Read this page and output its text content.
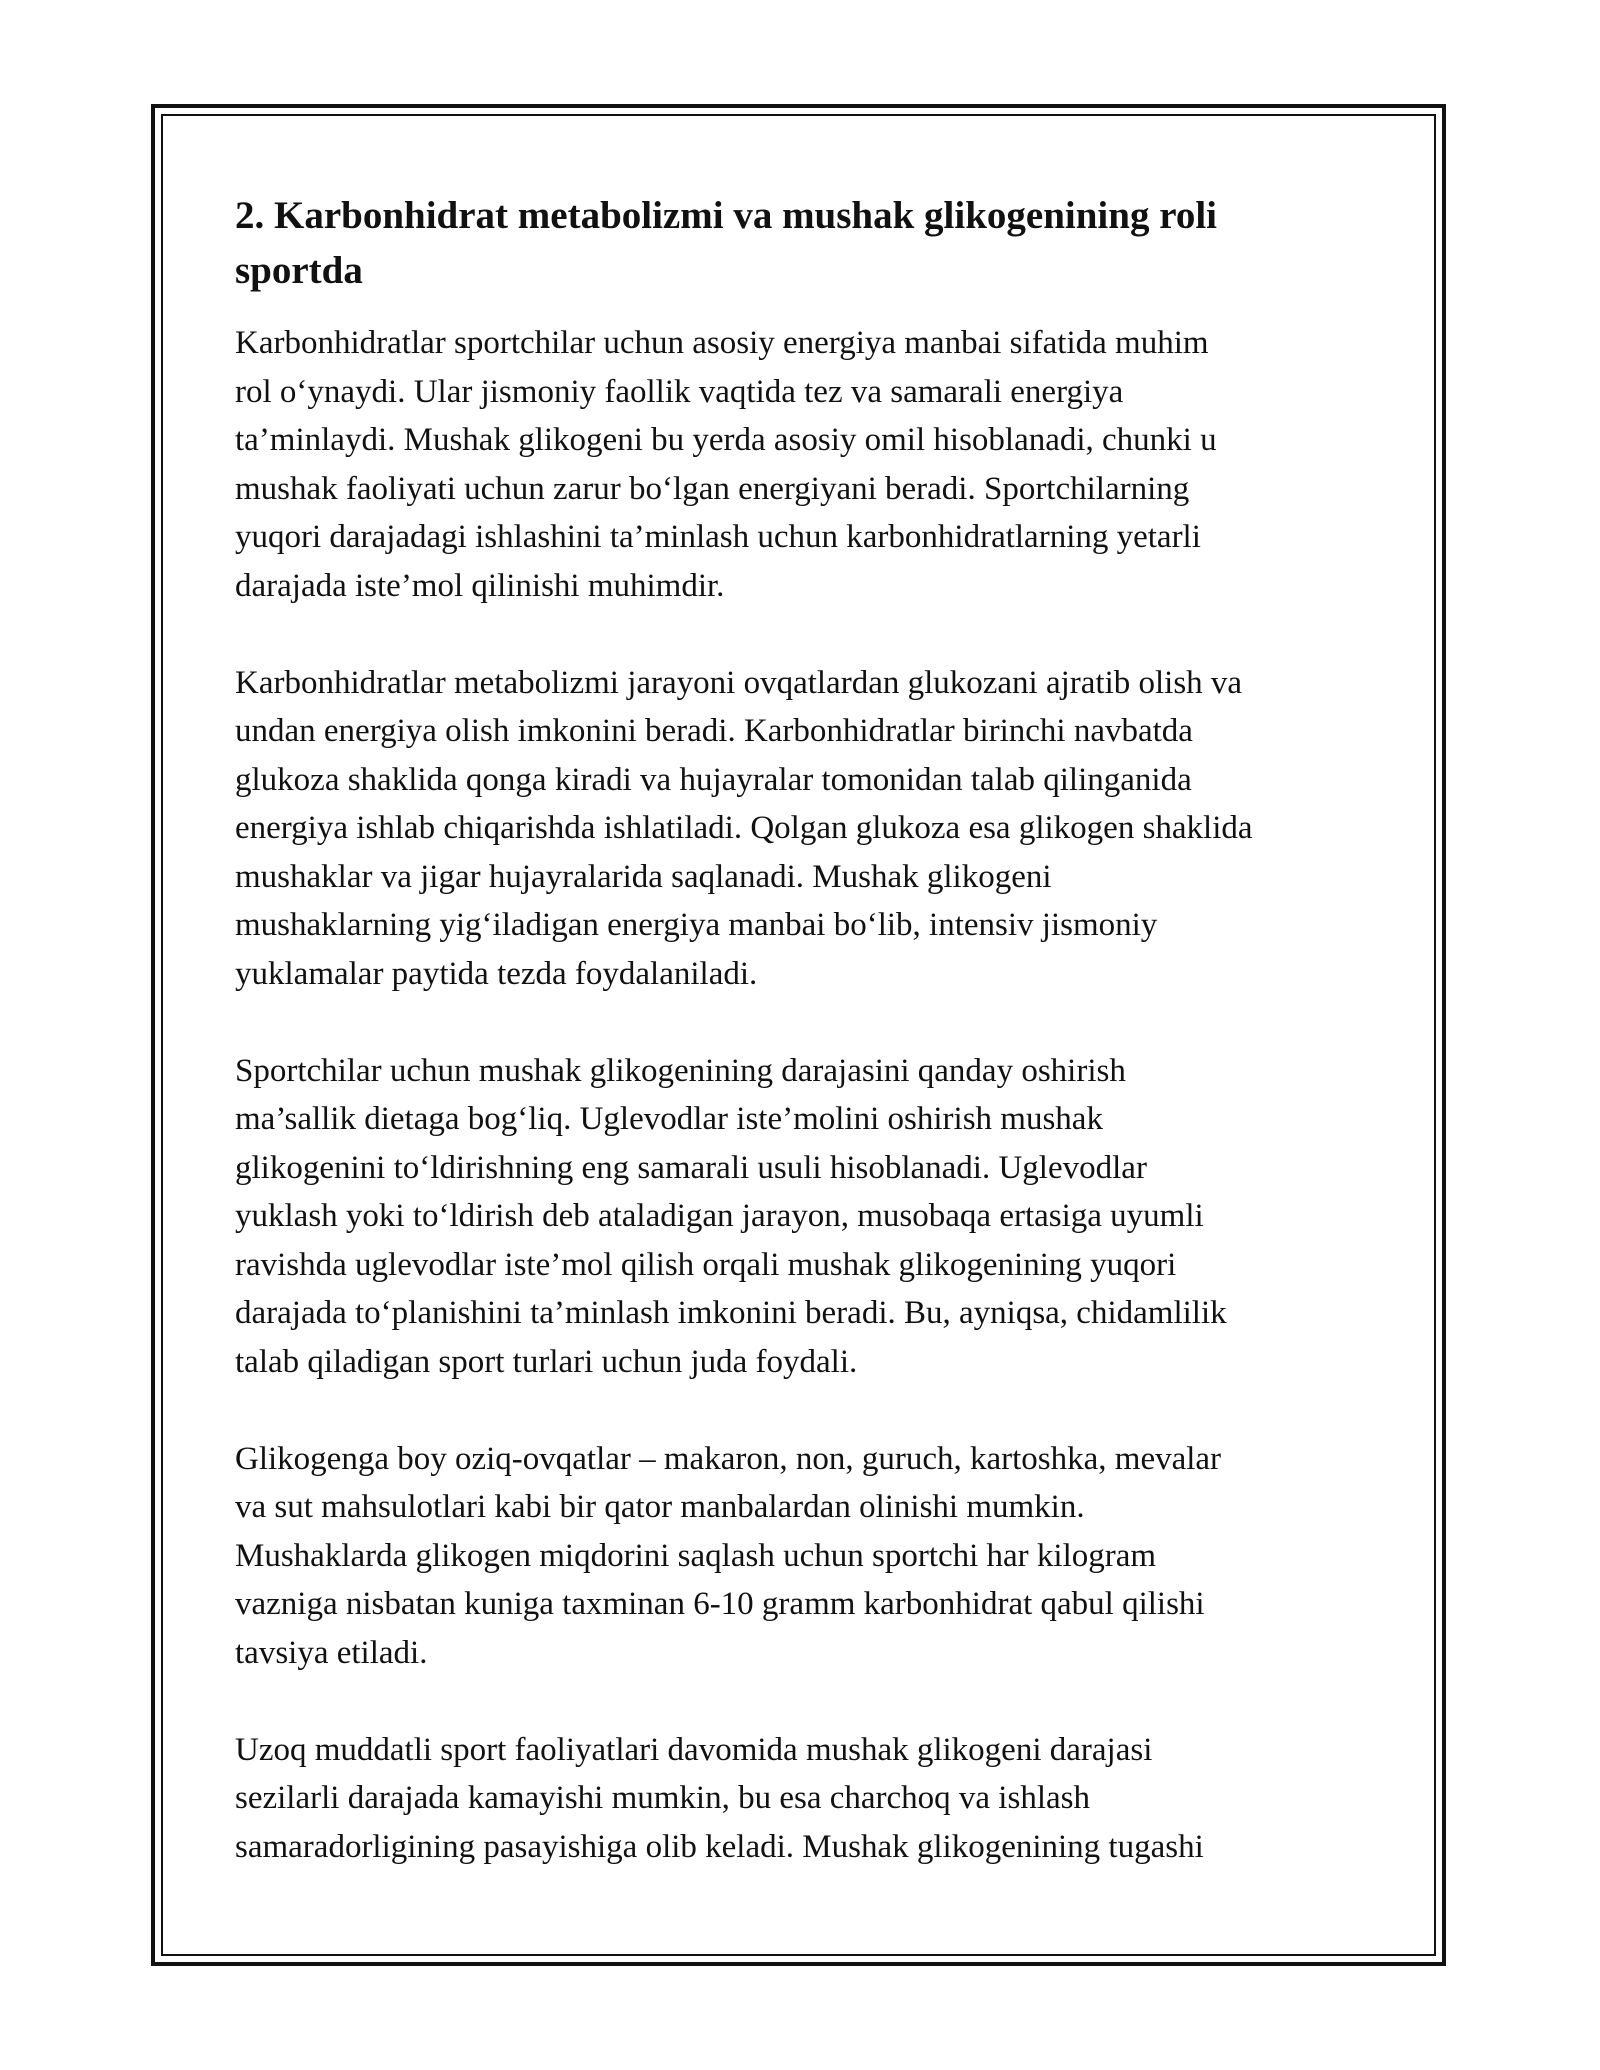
2. Karbonhidrat metabolizmi va mushak glikogenining roli
sportda

Karbonhidratlar sportchilar uchun asosiy energiya manbai sifatida muhim
rol o‘ynaydi. Ular jismoniy faollik vaqtida tez va samarali energiya
ta’minlaydi. Mushak glikogeni bu yerda asosiy omil hisoblanadi, chunki u
mushak faoliyati uchun zarur bo‘lgan energiyani beradi. Sportchilarning
yuqori darajadagi ishlashini ta’minlash uchun karbonhidratlarning yetarli
darajada iste’mol qilinishi muhimdir.

Karbonhidratlar metabolizmi jarayoni ovqatlardan glukozani ajratib olish va
undan energiya olish imkonini beradi. Karbonhidratlar birinchi navbatda
glukoza shaklida qonga kiradi va hujayralar tomonidan talab qilinganida
energiya ishlab chiqarishda ishlatiladi. Qolgan glukoza esa glikogen shaklida
mushaklar va jigar hujayralarida saqlanadi. Mushak glikogeni
mushaklarning yig‘iladigan energiya manbai bo‘lib, intensiv jismoniy
yuklamalar paytida tezda foydalaniladi.

Sportchilar uchun mushak glikogenining darajasini qanday oshirish
ma’sallik dietaga bog‘liq. Uglevodlar iste’molini oshirish mushak
glikogenini to‘ldirishning eng samarali usuli hisoblanadi. Uglevodlar
yuklash yoki to‘ldirish deb ataladigan jarayon, musobaqa ertasiga uyumli
ravishda uglevodlar iste’mol qilish orqali mushak glikogenining yuqori
darajada to‘planishini ta’minlash imkonini beradi. Bu, ayniqsa, chidamlilik
talab qiladigan sport turlari uchun juda foydali.

Glikogenga boy oziq-ovqatlar – makaron, non, guruch, kartoshka, mevalar
va sut mahsulotlari kabi bir qator manbalardan olinishi mumkin.
Mushaklarda glikogen miqdorini saqlash uchun sportchi har kilogram
vazniga nisbatan kuniga taxminan 6-10 gramm karbonhidrat qabul qilishi
tavsiya etiladi.

Uzoq muddatli sport faoliyatlari davomida mushak glikogeni darajasi
sezilarli darajada kamayishi mumkin, bu esa charchoq va ishlash
samaradorligining pasayishiga olib keladi. Mushak glikogenining tugashi
